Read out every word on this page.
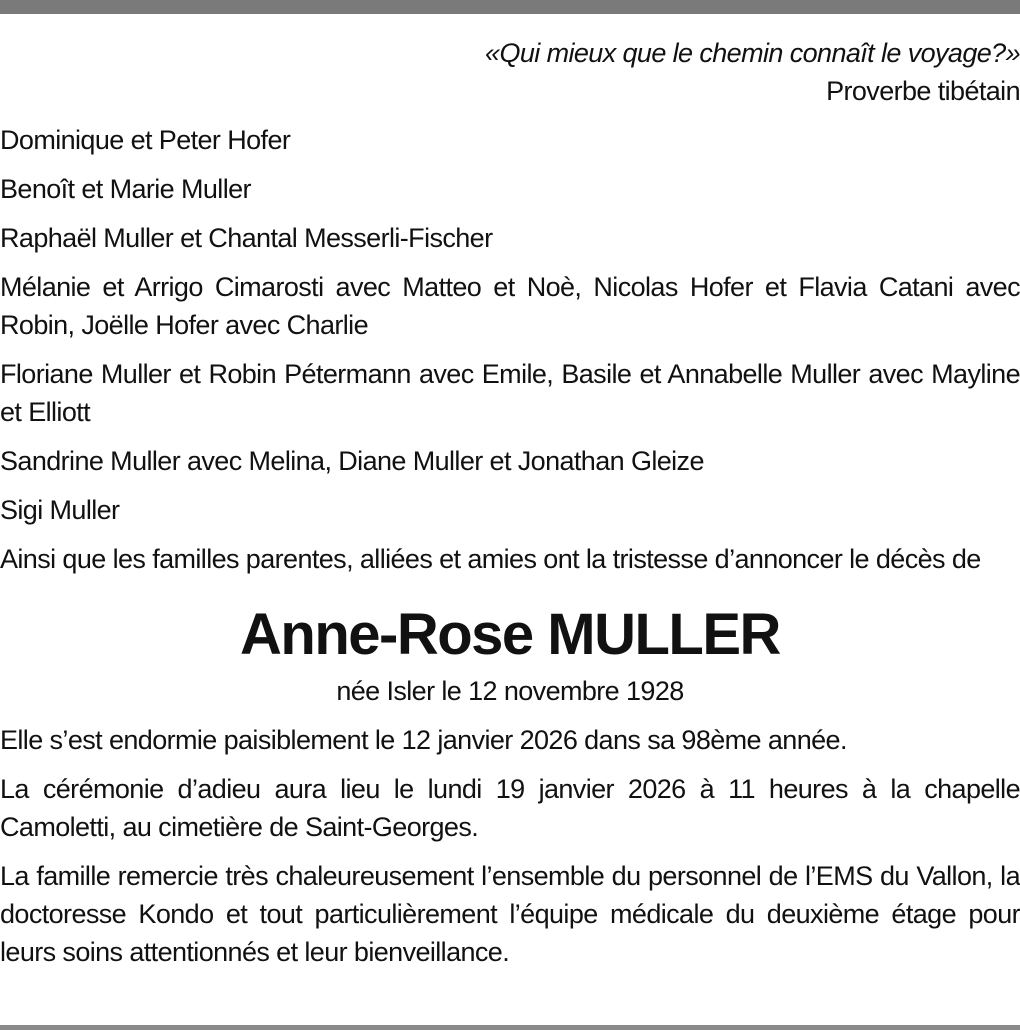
«Qui mieux que le chemin connaît le voyage?»

Proverbe tibétain

Dominique et Peter Hofer

Benoît et Marie Muller

Raphaël Muller et Chantal Messerli-Fischer

Mélanie et Arrigo Cimarosti avec Matteo et Noè, Nicolas Hofer et Flavia Catani avec Robin, Joëlle Hofer avec Charlie

Floriane Muller et Robin Pétermann avec Emile, Basile et Annabelle Muller avec Mayline et Elliott

Sandrine Muller avec Melina, Diane Muller et Jonathan Gleize

Sigi Muller

Ainsi que les familles parentes, alliées et amies ont la tristesse d’annoncer le décès de

Anne-Rose MULLER

née Isler le 12 novembre 1928

Elle s’est endormie paisiblement le 12 janvier 2026 dans sa 98ème année.

La cérémonie d’adieu aura lieu le lundi 19 janvier 2026 à 11 heures à la chapelle Camoletti, au cimetière de Saint-Georges.

La famille remercie très chaleureusement l’ensemble du personnel de l’EMS du Vallon, la doctoresse Kondo et tout particulièrement l’équipe médicale du deuxième étage pour leurs soins attentionnés et leur bienveillance.
